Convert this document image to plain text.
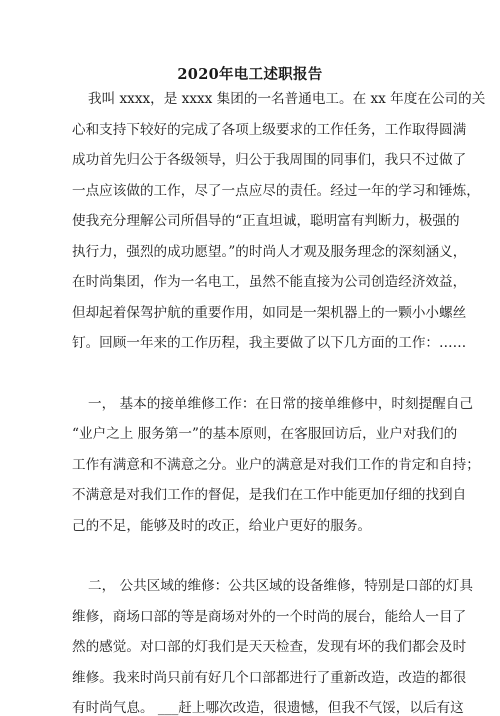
2020年电工述职报告
我叫 xxxx，是 xxxx 集团的一名普通电工。在 xx 年度在公司的关
心和支持下较好的完成了各项上级要求的工作任务，工作取得圆满
成功首先归公于各级领导，归公于我周围的同事们，我只不过做了
一点应该做的工作，尽了一点应尽的责任。经过一年的学习和锤炼，
使我充分理解公司所倡导的“正直坦诚，聪明富有判断力，极强的
执行力，强烈的成功愿望。”的时尚人才观及服务理念的深刻涵义，
在时尚集团，作为一名电工，虽然不能直接为公司创造经济效益，
但却起着保驾护航的重要作用，如同是一架机器上的一颗小小螺丝
钉。回顾一年来的工作历程，我主要做了以下几方面的工作：……
一， 基本的接单维修工作：在日常的接单维修中，时刻提醒自己
“业户之上 服务第一”的基本原则，在客服回访后，业户对我们的
工作有满意和不满意之分。业户的满意是对我们工作的肯定和自持；
不满意是对我们工作的督促，是我们在工作中能更加仔细的找到自
己的不足，能够及时的改正，给业户更好的服务。
二， 公共区域的维修：公共区域的设备维修，特别是口部的灯具
维修，商场口部的等是商场对外的一个时尚的展台，能给人一目了
然的感觉。对口部的灯我们是天天检查，发现有坏的我们都会及时
维修。我来时尚只前有好几个口部都进行了重新改造，改造的都很
有时尚气息。 ___赶上哪次改造，很遗憾，但我不气馁，以后有这
